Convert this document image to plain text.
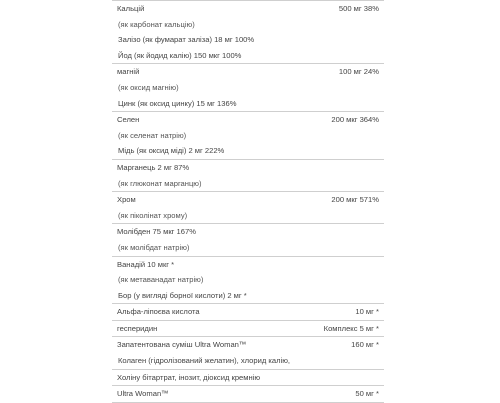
Кальцій	500 мг 38%
(як карбонат кальцію)
Залізо (як фумарат заліза) 18 мг 100%
Йод (як йодид калію) 150 мкг 100%
магній	100 мг 24%
(як оксид магнію)
Цинк (як оксид цинку) 15 мг 136%
Селен	200 мкг 364%
(як селенат натрію)
Мідь (як оксид міді) 2 мг 222%
Марганець 2 мг 87%
(як глюконат марганцю)
Хром	200 мкг 571%
(як пiколiнат хрому)
Молібден 75 мкг 167%
(як молібдат натрію)
Ванадій 10 мкг *
(як метаванадат натрію)
Бор (у вигляді борної кислоти) 2 мг *
Альфа-ліпоєва кислота	10 мг *
гесперидин	Комплекс 5 мг *
Запатентована суміш Ultra Woman™	160 мг *
Колаген (гідролізований желатин), хлорид калію,
Холіну бітартрат, інозит, діоксид кремнію
Ultra Woman™	50 мг *
